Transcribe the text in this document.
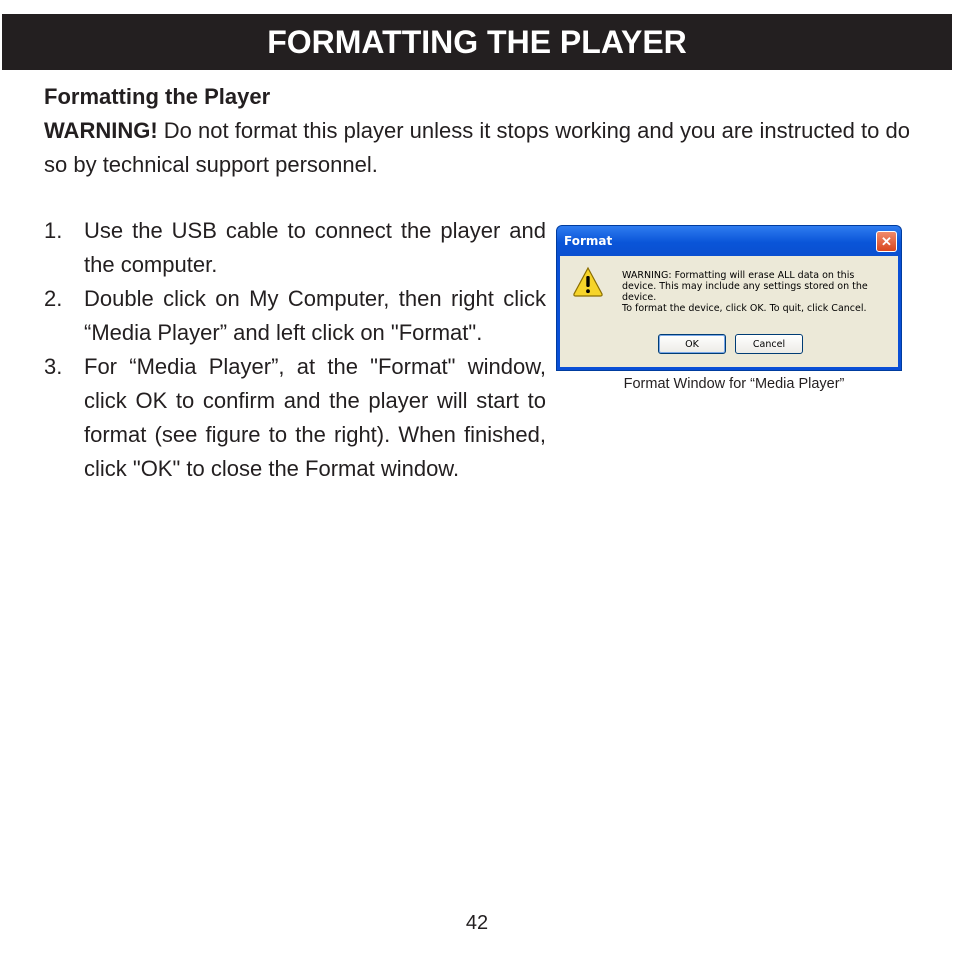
FORMATTING THE PLAYER

Formatting the Player

WARNING! Do not format this player unless it stops working and you are instructed to do so by technical support personnel.

1. Use the USB cable to connect the player and the computer.
2. Double click on My Computer, then right click “Media Player” and left click on "Format".
3. For “Media Player”, at the "Format" window, click OK to confirm and the player will start to format (see figure to the right). When finished, click "OK" to close the Format window.
Format	✕

WARNING: Formatting will erase ALL data on this
device. This may include any settings stored on the
device.
To format the device, click OK. To quit, click Cancel.

OK	Cancel

Format Window for “Media Player”

42
